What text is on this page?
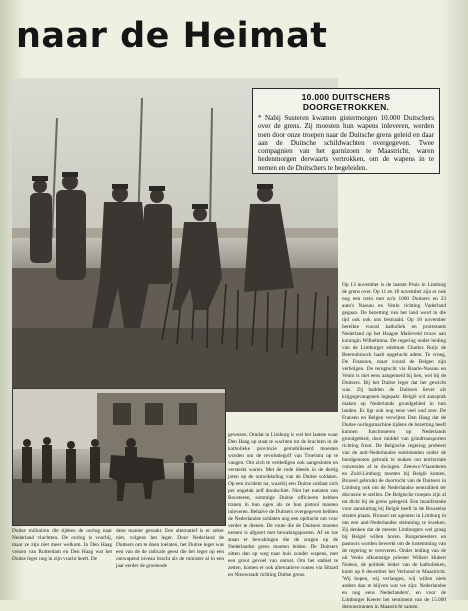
naar de Heimat
10.000 DUITSCHERS DOORGETROKKEN.
* Nabij Susteren kwamen gistermorgen 10.000 Duitschers over de grens. Zij moesten hun wapens inleveren, werden toen door onze troepen naar de Duitsche grens geleid en daar aan de Duitsche schildwachten overgegeven. Twee compagnien van het garnizoen te Maastricht, waren hedenmorgen derwaarts vertrokken, om de wapens in te nemen en de Duitschers te begeleiden.
Op 13 november is de laatste Pruis in Limburg de grens over. Op 11 en 18 november zijn er ook nog een trein met zo'n 1000 Duitsers en 23 auto's Nassau en Venlo richting Vaderland gegaan. De bezetting van het land werd in die tijd ook ook ons bestraald. Op 18 november bereikte vooral katholiek en protestants Nederland op het Haagse Malieveld trouw aan koningin Wilhelmina. De regering onder leiding van de Limburger edelman Charles Ruijs de Beerenbrouck haalt opgelucht adem. Te vroeg. De Franssen, maar vooral de Belgen zijn verbolgen. De terugtocht via Baarle-Nassau en Venlo is niet eens aangemeld bij hen, wel bij de Duitsers. Bij het Duitse leger dat het gewicht was. Zij hadden de Duitsers liever als krijgsgevangenen ingepakt. België wil aansprak maken op Nederlands grondgebied in hun landen. Er ligt ook nog eens veel oud zeer. De Fransen en Belgen verwijten Den Haag dat de Duitse oorlogsmachine tijdens de bezetting heeft kunnen functioneren op Nederlands grondgebied, door middel van grindtransporten richting front. De Belgische regering probeert van de anti-Nederlandse sentimenten onder de bondgenoten gebruik te maken om territoriale concessies af te dwingen. Zeeuws-Vlaanderen en Zuid-Limburg moeten bij België komen. Brussel gebruikt de doortocht van de Duitsers in Limburg ook om de Nederlandse neutraliteit ter discussie te stellen. De Belgische troepen zijn al tot dicht bij de grens gelegerd. Een manifestatie voor aansluiting bij België heeft in de Brusselse straten plaats. Brussel zet agenten in Limburg in om een anti-Nederlandse stemming te kweken. Zij denken dat de meeste Limburgers wel graag bij België willen horen. Burgemeesters en pastoors worden bewerkt om de instemming van de regering te veroveren. Onder leiding van de uit Venlo afkomstige priester Willem Hubert Nolens, de politiek leider van de katholieken, komt op 6 december het Verbond te Maastricht. 'Wij hopen, wij verlangen, wij willen niets anders dan te blijven wat we zijn: Nederlandse en nog eens Nederlanders', en voor de Limburger Keerer het sentiment van de 15.000 demonstranten in Maastricht samen.
gewezen. Omdat in Limburg is wel het laatste waar Den Haag op staat te wachten tot de krachten in de katholieke provincie gemobiliseerd moesten worden om de revolutiegolf van Troelstra op te vangen. Om zich te verdedigen ook aangesloten en versterkt waren. Met de rode ideeën in de dertig jaren op de ontwikkeling van de Duitse soldaten. Op een incident na, waarbij een Duitse soldaat zich per ongeluk zelf doodschiet. Niet het toelaten van Roosteren, sommige Duitse officieren hebben tranen in hun ogen als ze hun pistool moeten inleveren. Behalve de Duitsers overgegeven hebben de Nederlandse soldaten nog een opdracht om voor verder te dienen. De route die de Duitsers moeten nemen is afgezet met bewakingsposten. Af en toe staan er bewakingen die de zorgen op de Nederlandse grens moeten leiden. De Duitsers zitten dan op weg naar huis zonder wapens, met een groot gevoel van onrust. Om het stabiel te zetten, komen er ook alternatieve routes via Sittard en Nieuwstadt richting Duitse grens.
Duitse militairen die tijdens de oorlog naar Nederland vluchtten. De oorlog is voorbij, maar ze zijn niet meer welkom. In Den Haag vrezen van Rotterdam en Den Haag wat het Duitse leger nog in zijn vracht heeft. De
deze manier geraakt. Een alternatief is er zeker niet, volgens het leger. Door Nederland de Duitsers om te doen toelaten, het Duitse leger was een van de de radicale geest die het leger op een ontwapend niveau bracht als de minister al in een jaar eerder de groeiende
